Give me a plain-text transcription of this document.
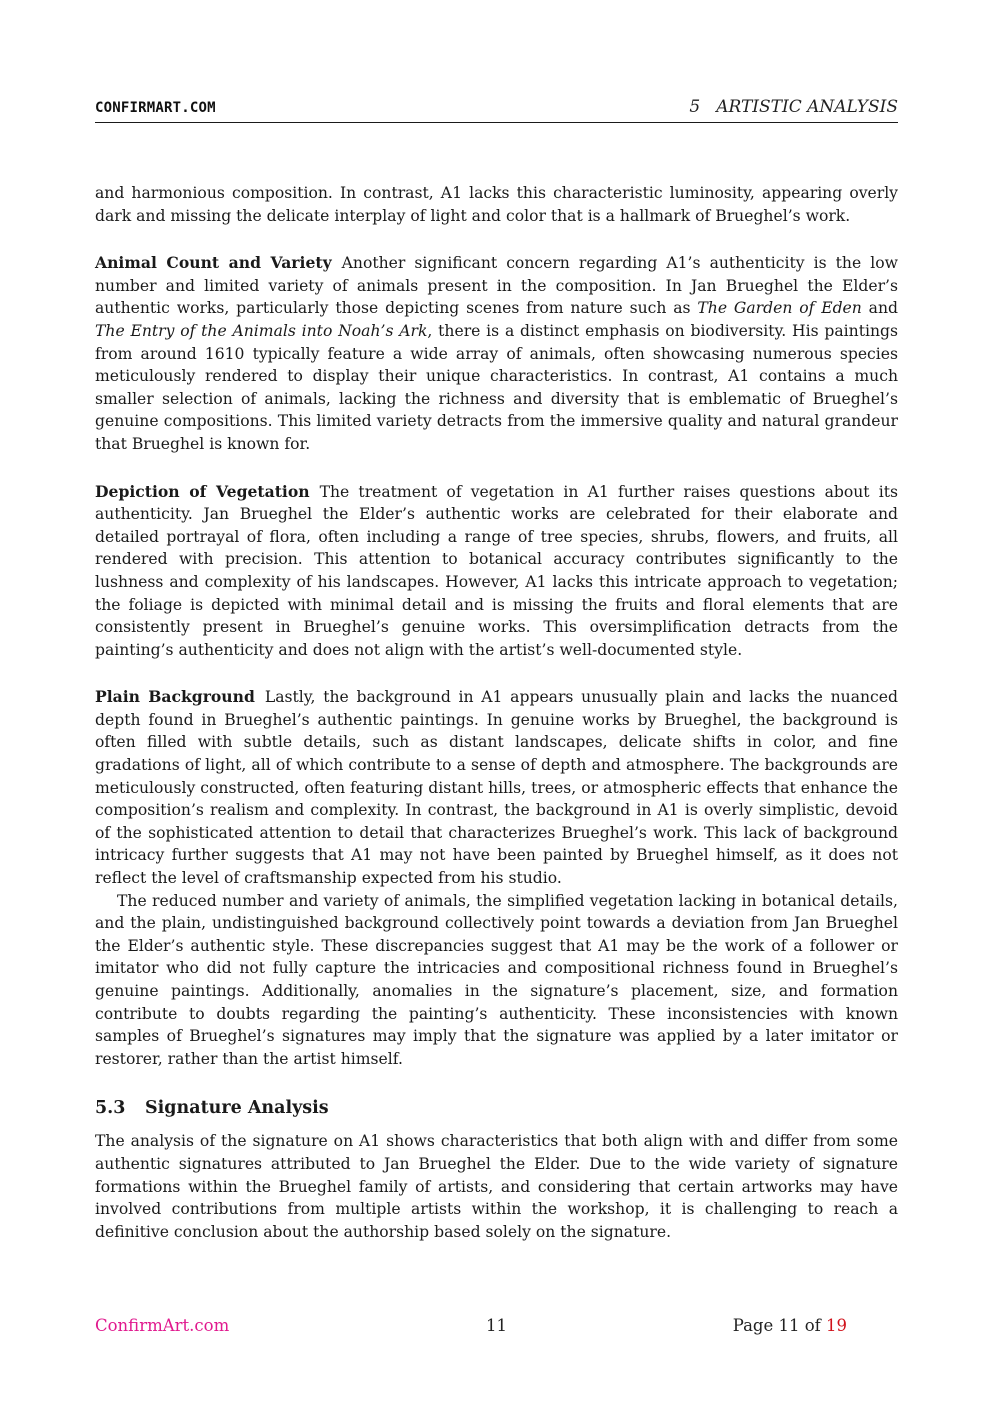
CONFIRMART.COM	5 ARTISTIC ANALYSIS

and harmonious composition. In contrast, A1 lacks this characteristic luminosity, appearing overly dark and missing the delicate interplay of light and color that is a hallmark of Brueghel’s work.

Animal Count and Variety Another significant concern regarding A1’s authenticity is the low number and limited variety of animals present in the composition. In Jan Brueghel the Elder’s authentic works, particularly those depicting scenes from nature such as The Garden of Eden and The Entry of the Animals into Noah’s Ark, there is a distinct emphasis on biodiversity. His paintings from around 1610 typically feature a wide array of animals, often showcasing numerous species meticulously rendered to display their unique characteristics. In contrast, A1 contains a much smaller selection of animals, lacking the richness and diversity that is emblematic of Brueghel’s genuine compositions. This limited variety detracts from the immersive quality and natural grandeur that Brueghel is known for.

Depiction of Vegetation The treatment of vegetation in A1 further raises questions about its authenticity. Jan Brueghel the Elder’s authentic works are celebrated for their elaborate and detailed portrayal of flora, often including a range of tree species, shrubs, flowers, and fruits, all rendered with precision. This attention to botanical accuracy contributes significantly to the lushness and complexity of his landscapes. However, A1 lacks this intricate approach to vegetation; the foliage is depicted with minimal detail and is missing the fruits and floral elements that are consistently present in Brueghel’s genuine works. This oversimplification detracts from the painting’s authenticity and does not align with the artist’s well-documented style.

Plain Background Lastly, the background in A1 appears unusually plain and lacks the nuanced depth found in Brueghel’s authentic paintings. In genuine works by Brueghel, the background is often filled with subtle details, such as distant landscapes, delicate shifts in color, and fine gradations of light, all of which contribute to a sense of depth and atmosphere. The backgrounds are meticulously constructed, often featuring distant hills, trees, or atmospheric effects that enhance the composition’s realism and complexity. In contrast, the background in A1 is overly simplistic, devoid of the sophisticated attention to detail that characterizes Brueghel’s work. This lack of background intricacy further suggests that A1 may not have been painted by Brueghel himself, as it does not reflect the level of craftsmanship expected from his studio.

The reduced number and variety of animals, the simplified vegetation lacking in botanical details, and the plain, undistinguished background collectively point towards a deviation from Jan Brueghel the Elder’s authentic style. These discrepancies suggest that A1 may be the work of a follower or imitator who did not fully capture the intricacies and compositional richness found in Brueghel’s genuine paintings. Additionally, anomalies in the signature’s placement, size, and formation contribute to doubts regarding the painting’s authenticity. These inconsistencies with known samples of Brueghel’s signatures may imply that the signature was applied by a later imitator or restorer, rather than the artist himself.

5.3 Signature Analysis

The analysis of the signature on A1 shows characteristics that both align with and differ from some authentic signatures attributed to Jan Brueghel the Elder. Due to the wide variety of signature formations within the Brueghel family of artists, and considering that certain artworks may have involved contributions from multiple artists within the workshop, it is challenging to reach a definitive conclusion about the authorship based solely on the signature.

ConfirmArt.com	11	Page 11 of 19
